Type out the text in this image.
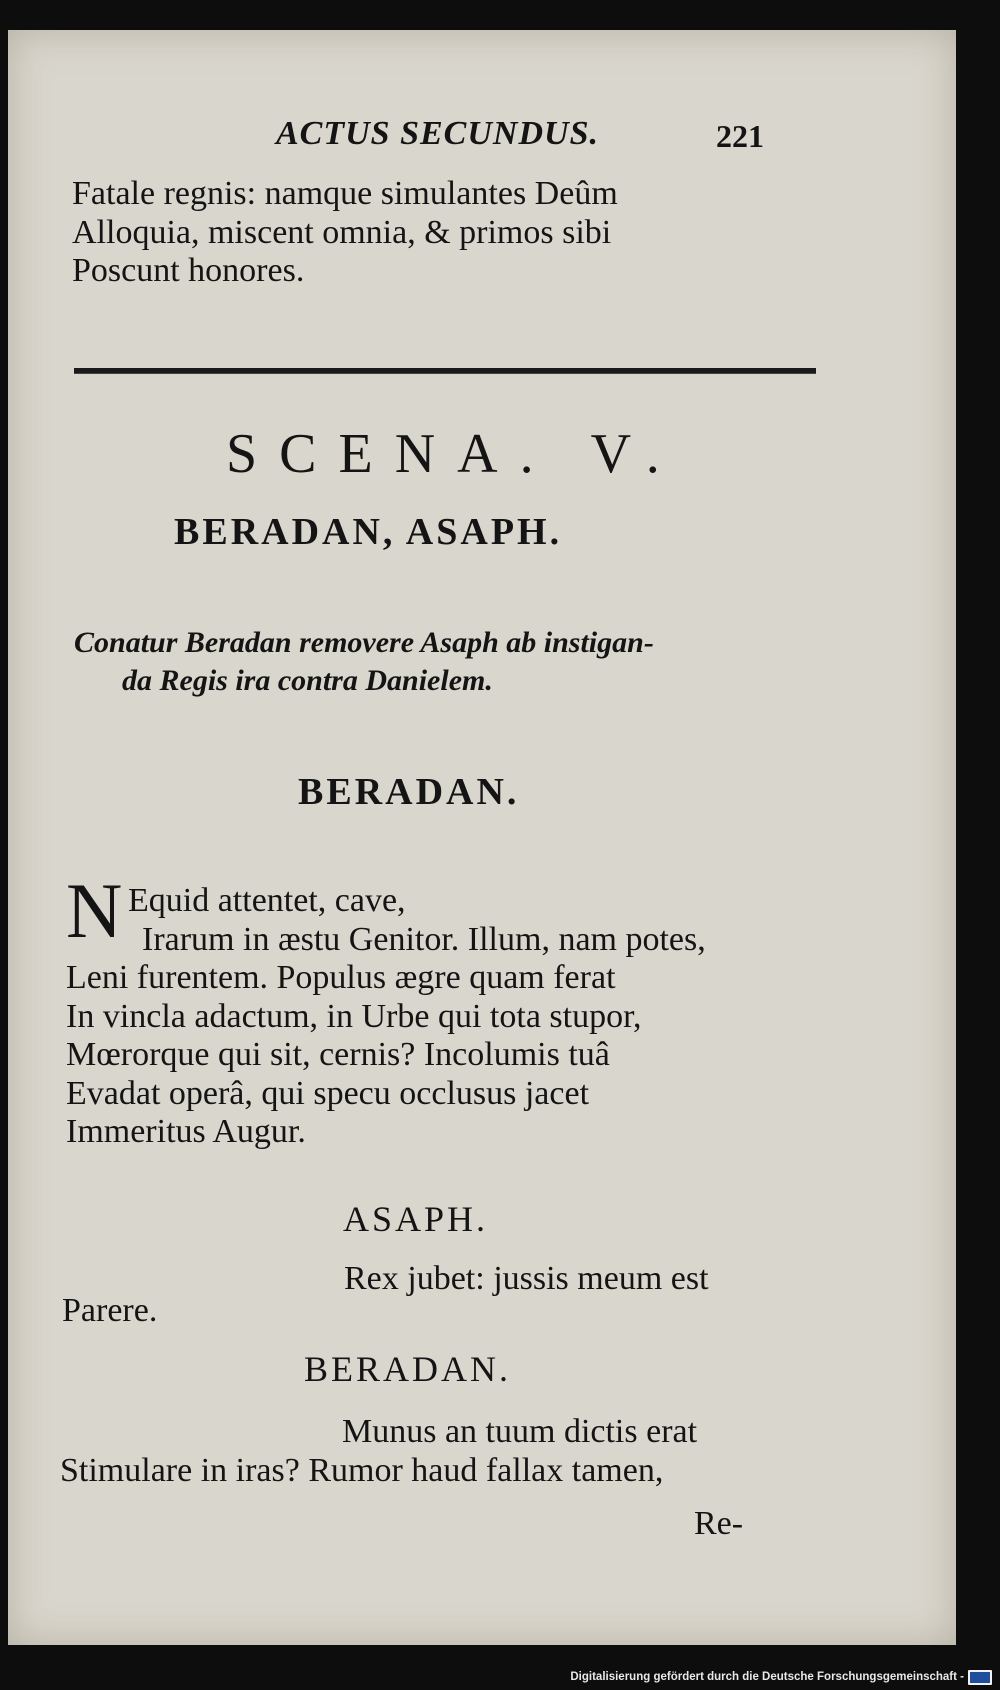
ACTUS SECUNDUS.	221
Fatale regnis: namque simulantes Deûm
Alloquia, miscent omnia, & primos sibi
Poscunt honores.
SCENA. V.
BERADAN, ASAPH.
Conatur Beradan removere Asaph ab instigan-
da Regis ira contra Danielem.
BERADAN.
N Equid attentet, cave,
Irarum in æstu Genitor. Illum, nam potes,
Leni furentem. Populus ægre quam ferat
In vincla adactum, in Urbe qui tota stupor,
Mœrorque qui sit, cernis? Incolumis tuâ
Evadat operâ, qui specu occlusus jacet
Immeritus Augur.
ASAPH.
Rex jubet: jussis meum est
Parere.
BERADAN.
Munus an tuum dictis erat
Stimulare in iras? Rumor haud fallax tamen,
Re-
Digitalisierung gefördert durch die Deutsche Forschungsgemeinschaft -
